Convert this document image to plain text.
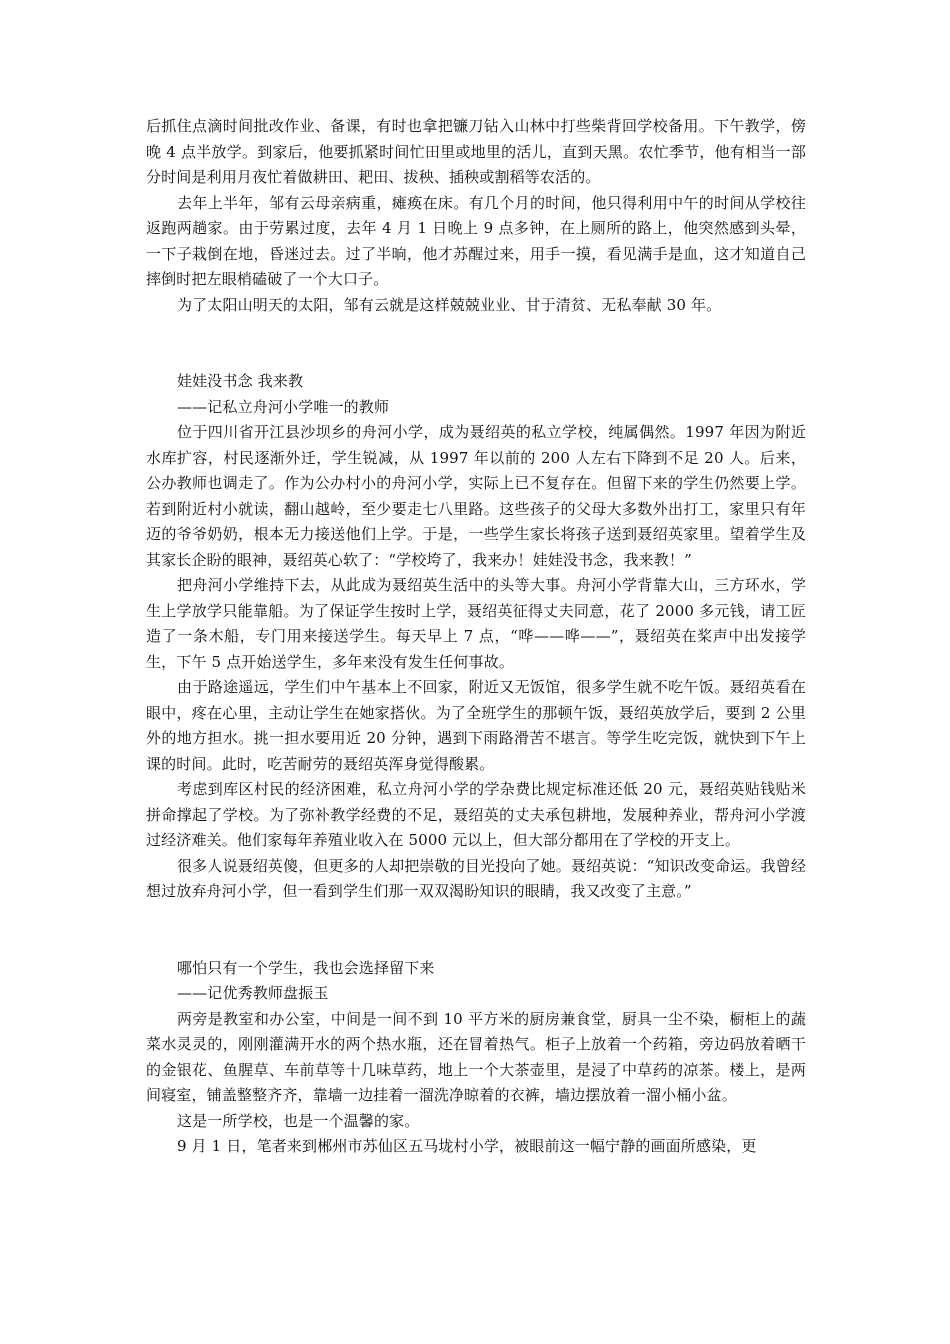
后抓住点滴时间批改作业、备课，有时也拿把镰刀钻入山林中打些柴背回学校备用。下午教学，傍晚 4 点半放学。到家后，他要抓紧时间忙田里或地里的活儿，直到天黑。农忙季节，他有相当一部分时间是利用月夜忙着做耕田、耙田、拔秧、插秧或割稻等农活的。

去年上半年，邹有云母亲病重，瘫痪在床。有几个月的时间，他只得利用中午的时间从学校往返跑两趟家。由于劳累过度，去年 4 月 1 日晚上 9 点多钟，在上厕所的路上，他突然感到头晕，一下子栽倒在地，昏迷过去。过了半晌，他才苏醒过来，用手一摸，看见满手是血，这才知道自己摔倒时把左眼梢磕破了一个大口子。

为了太阳山明天的太阳，邹有云就是这样兢兢业业、甘于清贫、无私奉献 30 年。

娃娃没书念 我来教

——记私立舟河小学唯一的教师

位于四川省开江县沙坝乡的舟河小学，成为聂绍英的私立学校，纯属偶然。1997 年因为附近水库扩容，村民逐渐外迁，学生锐减，从 1997 年以前的 200 人左右下降到不足 20 人。后来，公办教师也调走了。作为公办村小的舟河小学，实际上已不复存在。但留下来的学生仍然要上学。若到附近村小就读，翻山越岭，至少要走七八里路。这些孩子的父母大多数外出打工，家里只有年迈的爷爷奶奶，根本无力接送他们上学。于是，一些学生家长将孩子送到聂绍英家里。望着学生及其家长企盼的眼神，聂绍英心软了：“学校垮了，我来办！娃娃没书念，我来教！”

把舟河小学维持下去，从此成为聂绍英生活中的头等大事。舟河小学背靠大山，三方环水，学生上学放学只能靠船。为了保证学生按时上学，聂绍英征得丈夫同意，花了 2000 多元钱，请工匠造了一条木船，专门用来接送学生。每天早上 7 点，“哗——哗——”，聂绍英在桨声中出发接学生，下午 5 点开始送学生，多年来没有发生任何事故。

由于路途遥远，学生们中午基本上不回家，附近又无饭馆，很多学生就不吃午饭。聂绍英看在眼中，疼在心里，主动让学生在她家搭伙。为了全班学生的那顿午饭，聂绍英放学后，要到 2 公里外的地方担水。挑一担水要用近 20 分钟，遇到下雨路滑苦不堪言。等学生吃完饭，就快到下午上课的时间。此时，吃苦耐劳的聂绍英浑身觉得酸累。

考虑到库区村民的经济困难，私立舟河小学的学杂费比规定标准还低 20 元，聂绍英贴钱贴米拼命撑起了学校。为了弥补教学经费的不足，聂绍英的丈夫承包耕地，发展种养业，帮舟河小学渡过经济难关。他们家每年养殖业收入在 5000 元以上，但大部分都用在了学校的开支上。

很多人说聂绍英傻，但更多的人却把崇敬的目光投向了她。聂绍英说：“知识改变命运。我曾经想过放弃舟河小学，但一看到学生们那一双双渴盼知识的眼睛，我又改变了主意。”

哪怕只有一个学生，我也会选择留下来

——记优秀教师盘振玉

两旁是教室和办公室，中间是一间不到 10 平方米的厨房兼食堂，厨具一尘不染，橱柜上的蔬菜水灵灵的，刚刚灌满开水的两个热水瓶，还在冒着热气。柜子上放着一个药箱，旁边码放着晒干的金银花、鱼腥草、车前草等十几味草药，地上一个大茶壶里，是浸了中草药的凉茶。楼上，是两间寝室，铺盖整整齐齐，靠墙一边挂着一溜洗净晾着的衣裤，墙边摆放着一溜小桶小盆。

这是一所学校，也是一个温馨的家。

9 月 1 日，笔者来到郴州市苏仙区五马垅村小学，被眼前这一幅宁静的画面所感染，更
